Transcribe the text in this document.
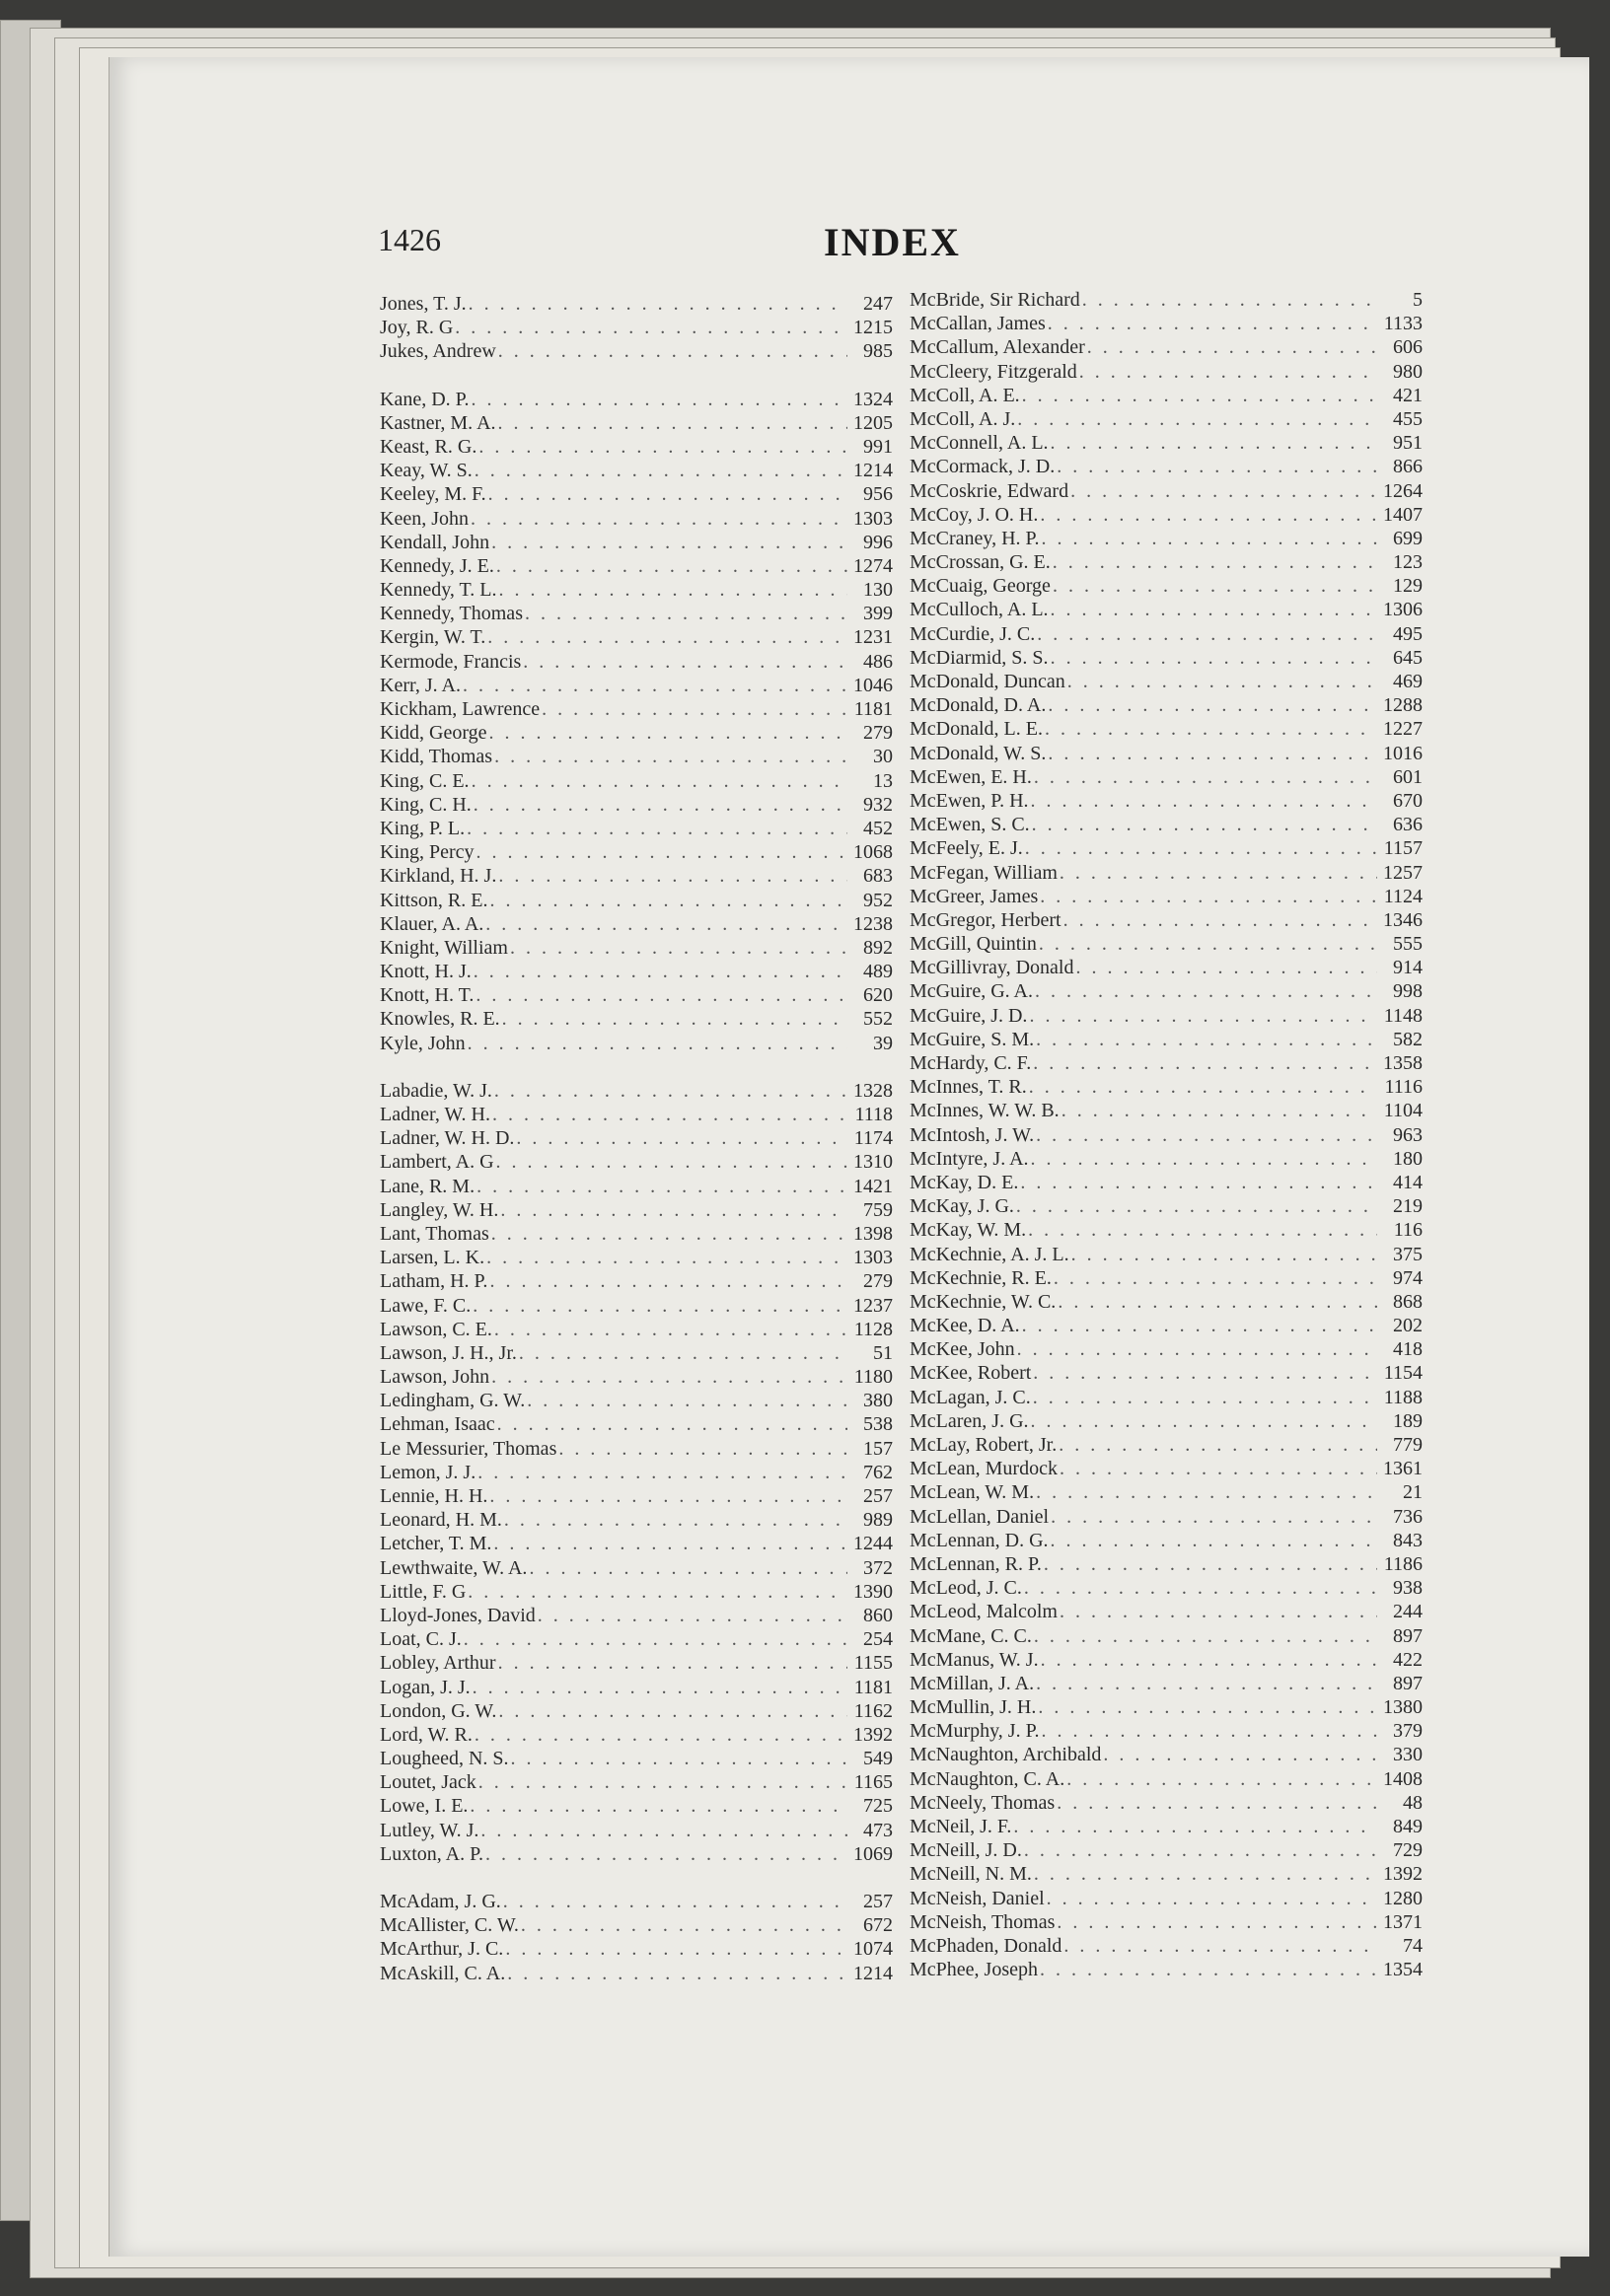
1426	INDEX
Jones, T. J. . . .	247
Joy, R. G . . .	1215
Jukes, Andrew . . .	985
Kane, D. P. . . .	1324
Kastner, M. A. . . .	1205
Keast, R. G. . . .	991
Keay, W. S. . . .	1214
Keeley, M. F. . . .	956
Keen, John . . .	1303
Kendall, John . . .	996
Kennedy, J. E. . . .	1274
Kennedy, T. L. . . .	130
Kennedy, Thomas . . .	399
Kergin, W. T. . . .	1231
Kermode, Francis . . .	486
Kerr, J. A. . . .	1046
Kickham, Lawrence . . .	1181
Kidd, George . . .	279
Kidd, Thomas . . .	30
King, C. E. . . .	13
King, C. H. . . .	932
King, P. L. . . .	452
King, Percy . . .	1068
Kirkland, H. J. . . .	683
Kittson, R. E. . . .	952
Klauer, A. A. . . .	1238
Knight, William . . .	892
Knott, H. J. . . .	489
Knott, H. T. . . .	620
Knowles, R. E. . . .	552
Kyle, John . . .	39
Labadie, W. J. . . .	1328
Ladner, W. H. . . .	1118
Ladner, W. H. D. . . .	1174
Lambert, A. G . . .	1310
Lane, R. M. . . .	1421
Langley, W. H. . . .	759
Lant, Thomas . . .	1398
Larsen, L. K. . . .	1303
Latham, H. P. . . .	279
Lawe, F. C. . . .	1237
Lawson, C. E. . . .	1128
Lawson, J. H., Jr. . . .	51
Lawson, John . . .	1180
Ledingham, G. W. . . .	380
Lehman, Isaac . . .	538
Le Messurier, Thomas . . .	157
Lemon, J. J. . . .	762
Lennie, H. H. . . .	257
Leonard, H. M. . . .	989
Letcher, T. M. . . .	1244
Lewthwaite, W. A. . . .	372
Little, F. G . . .	1390
Lloyd-Jones, David . . .	860
Loat, C. J. . . .	254
Lobley, Arthur . . .	1155
Logan, J. J. . . .	1181
London, G. W. . . .	1162
Lord, W. R. . . .	1392
Lougheed, N. S. . . .	549
Loutet, Jack . . .	1165
Lowe, I. E. . . .	725
Lutley, W. J. . . .	473
Luxton, A. P. . . .	1069
McAdam, J. G. . . .	257
McAllister, C. W. . . .	672
McArthur, J. C. . . .	1074
McAskill, C. A. . . .	1214
McBride, Sir Richard . . .	5
McCallan, James . . .	1133
McCallum, Alexander . . .	606
McCleery, Fitzgerald . . .	980
McColl, A. E. . . .	421
McColl, A. J. . . .	455
McConnell, A. L. . . .	951
McCormack, J. D. . . .	866
McCoskrie, Edward . . .	1264
McCoy, J. O. H. . . .	1407
McCraney, H. P. . . .	699
McCrossan, G. E. . . .	123
McCuaig, George . . .	129
McCulloch, A. L. . . .	1306
McCurdie, J. C. . . .	495
McDiarmid, S. S. . . .	645
McDonald, Duncan . . .	469
McDonald, D. A. . . .	1288
McDonald, L. E. . . .	1227
McDonald, W. S. . . .	1016
McEwen, E. H. . . .	601
McEwen, P. H. . . .	670
McEwen, S. C. . . .	636
McFeely, E. J. . . .	1157
McFegan, William . . .	1257
McGreer, James . . .	1124
McGregor, Herbert . . .	1346
McGill, Quintin . . .	555
McGillivray, Donald . . .	914
McGuire, G. A. . . .	998
McGuire, J. D. . . .	1148
McGuire, S. M. . . .	582
McHardy, C. F. . . .	1358
McInnes, T. R. . . .	1116
McInnes, W. W. B. . . .	1104
McIntosh, J. W. . . .	963
McIntyre, J. A. . . .	180
McKay, D. E. . . .	414
McKay, J. G. . . .	219
McKay, W. M. . . .	116
McKechnie, A. J. L. . . .	375
McKechnie, R. E. . . .	974
McKechnie, W. C. . . .	868
McKee, D. A. . . .	202
McKee, John . . .	418
McKee, Robert . . .	1154
McLagan, J. C. . . .	1188
McLaren, J. G. . . .	189
McLay, Robert, Jr. . . .	779
McLean, Murdock . . .	1361
McLean, W. M. . . .	21
McLellan, Daniel . . .	736
McLennan, D. G. . . .	843
McLennan, R. P. . . .	1186
McLeod, J. C. . . .	938
McLeod, Malcolm . . .	244
McMane, C. C. . . .	897
McManus, W. J. . . .	422
McMillan, J. A. . . .	897
McMullin, J. H. . . .	1380
McMurphy, J. P. . . .	379
McNaughton, Archibald . . .	330
McNaughton, C. A. . . .	1408
McNeely, Thomas . . .	48
McNeil, J. F. . . .	849
McNeill, J. D. . . .	729
McNeill, N. M. . . .	1392
McNeish, Daniel . . .	1280
McNeish, Thomas . . .	1371
McPhaden, Donald . . .	74
McPhee, Joseph . . .	1354
